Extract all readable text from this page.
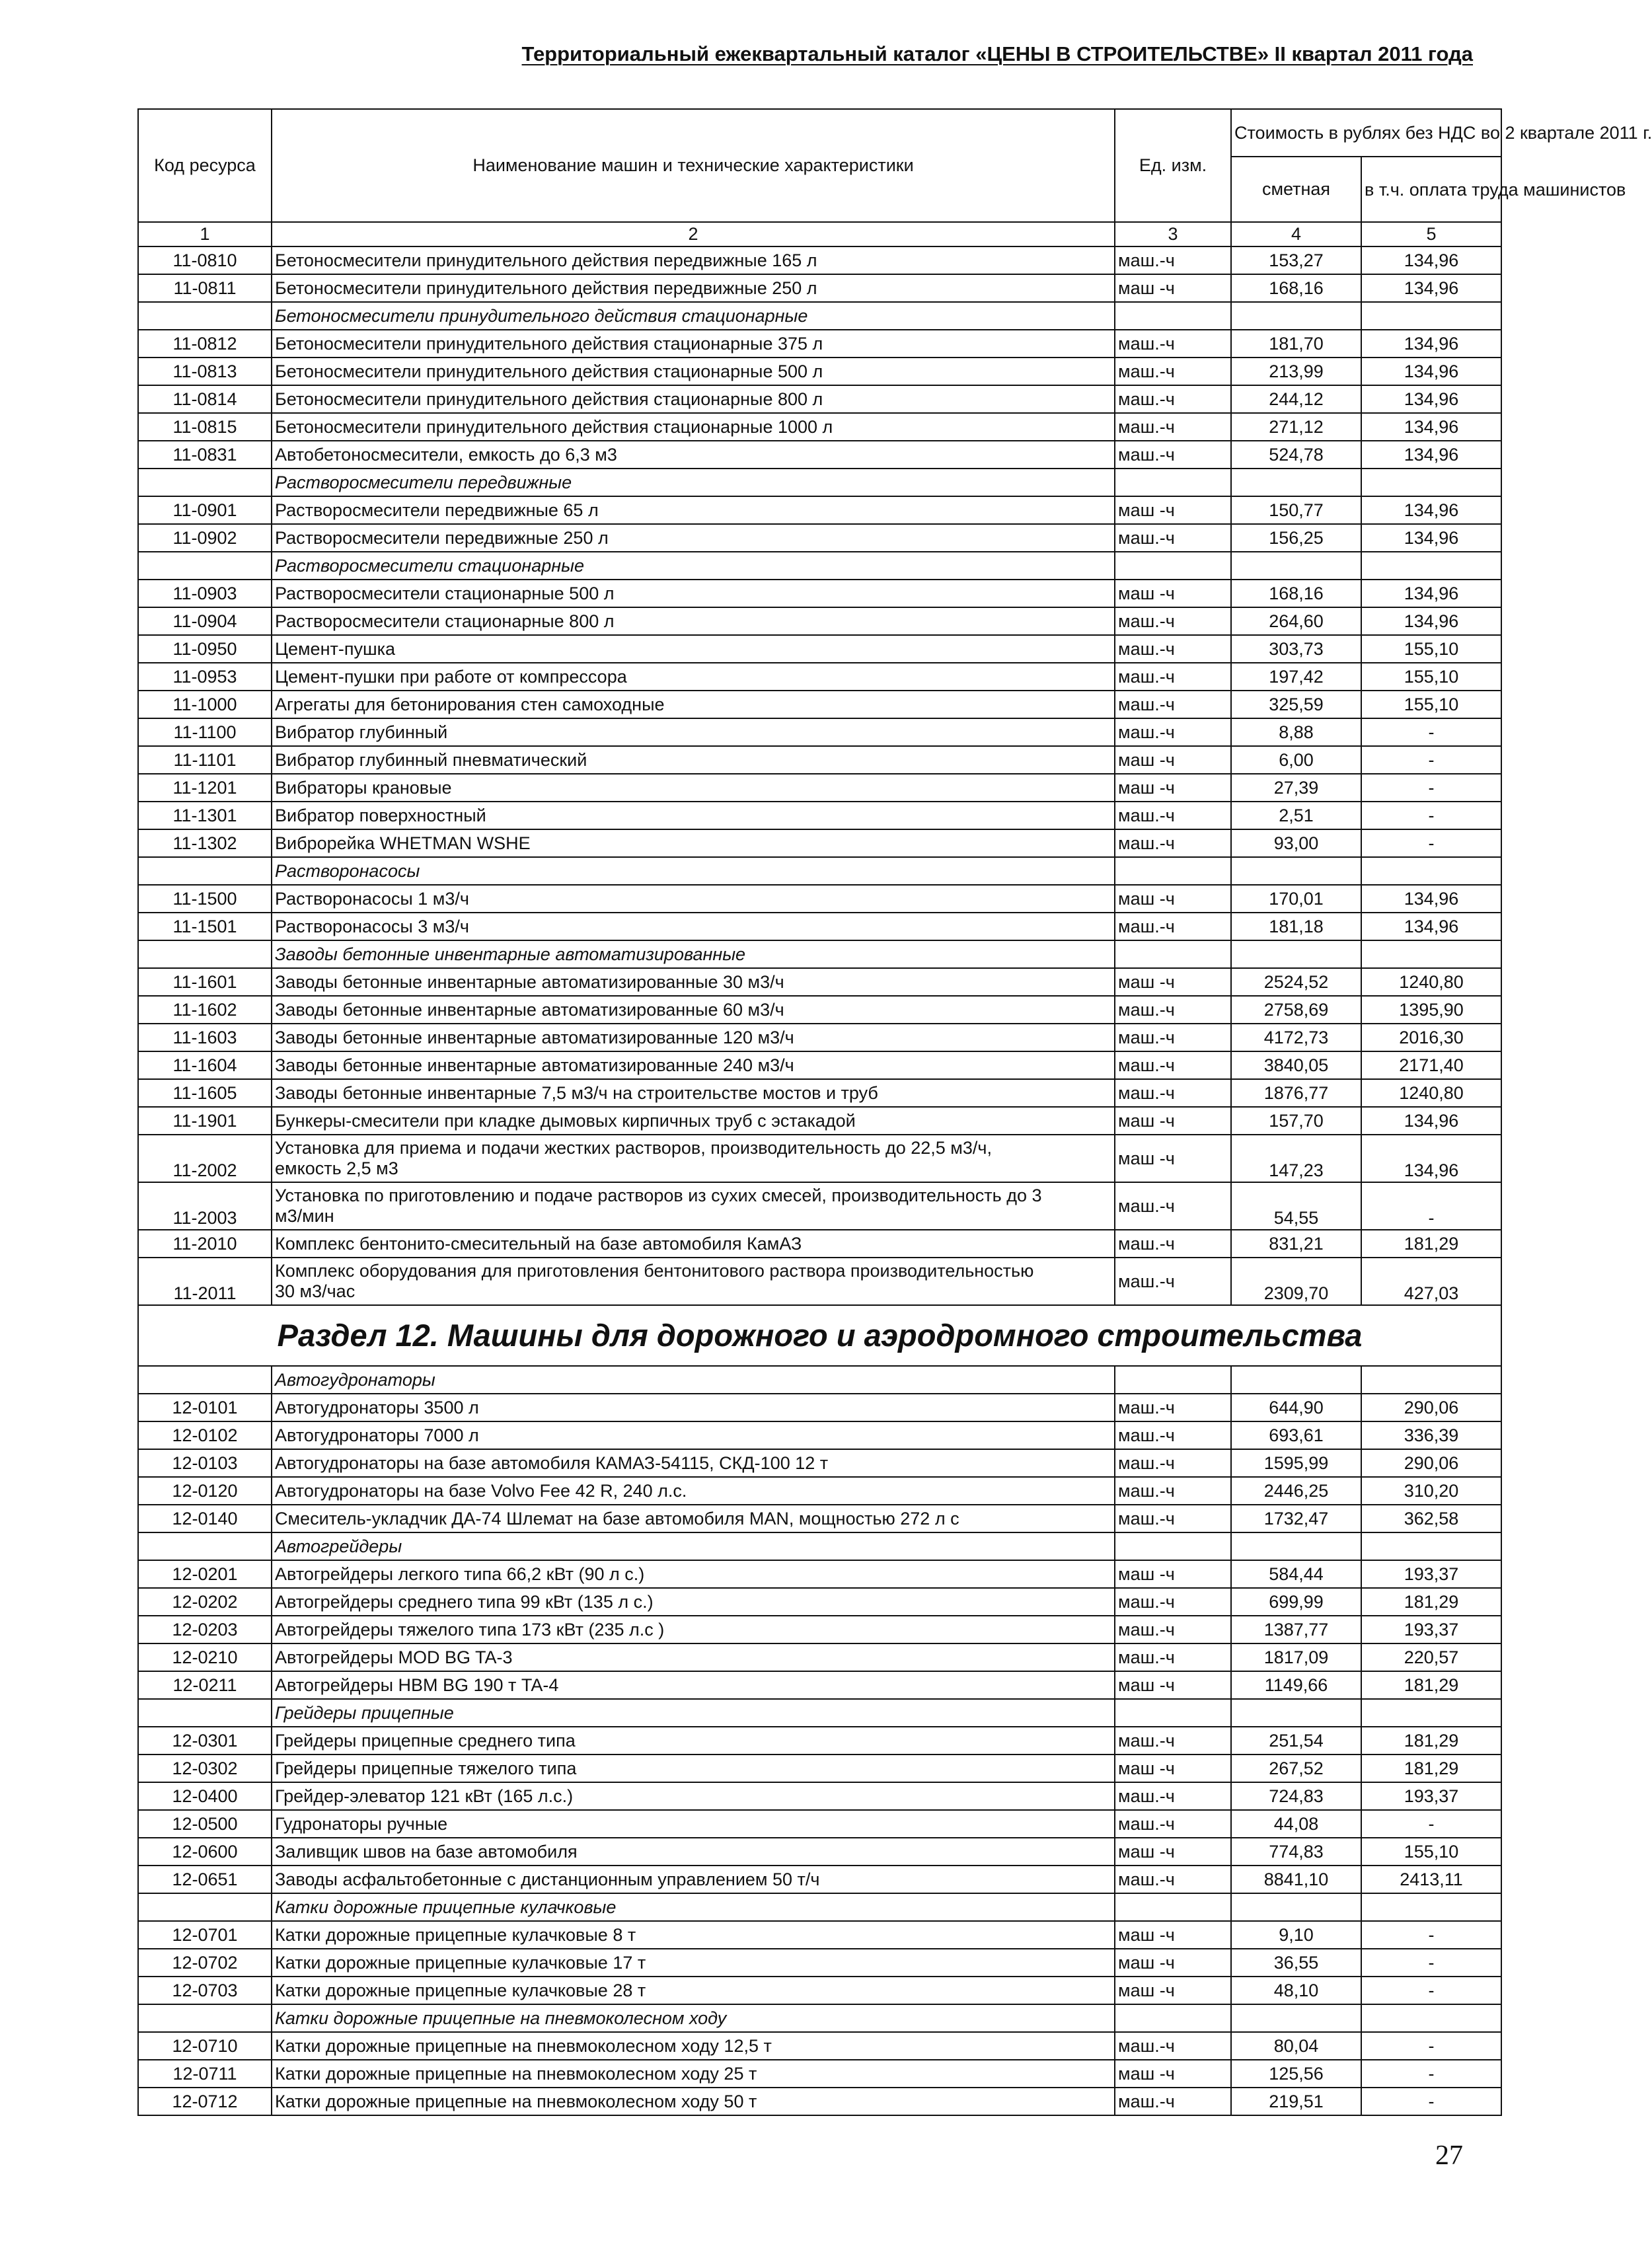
Территориальный ежеквартальный каталог «ЦЕНЫ В СТРОИТЕЛЬСТВЕ» II квартал 2011 года
Код ресурса	Наименование машин и технические характеристики	Ед. изм.	Стоимость в рублях без НДС во 2 квартале 2011 г.	
			сметная	в т.ч. оплата труда машинистов
1	2	3	4	5
11-0810	Бетоносмесители принудительного действия передвижные 165 л	маш.-ч	153,27	134,96
11-0811	Бетоносмесители принудительного действия передвижные 250 л	маш -ч	168,16	134,96
	Бетоносмесители принудительного действия стационарные			
11-0812	Бетоносмесители принудительного действия стационарные 375 л	маш.-ч	181,70	134,96
11-0813	Бетоносмесители принудительного действия стационарные 500 л	маш.-ч	213,99	134,96
11-0814	Бетоносмесители принудительного действия стационарные 800 л	маш.-ч	244,12	134,96
11-0815	Бетоносмесители принудительного действия стационарные 1000 л	маш.-ч	271,12	134,96
11-0831	Автобетоносмесители, емкость до 6,3 м3	маш.-ч	524,78	134,96
	Растворосмесители передвижные			
11-0901	Растворосмесители передвижные 65 л	маш -ч	150,77	134,96
11-0902	Растворосмесители передвижные 250 л	маш.-ч	156,25	134,96
	Растворосмесители стационарные			
11-0903	Растворосмесители стационарные 500 л	маш -ч	168,16	134,96
11-0904	Растворосмесители стационарные 800 л	маш.-ч	264,60	134,96
11-0950	Цемент-пушка	маш.-ч	303,73	155,10
11-0953	Цемент-пушки при работе от компрессора	маш.-ч	197,42	155,10
11-1000	Агрегаты для бетонирования стен самоходные	маш.-ч	325,59	155,10
11-1100	Вибратор глубинный	маш.-ч	8,88	-
11-1101	Вибратор глубинный пневматический	маш -ч	6,00	-
11-1201	Вибраторы крановые	маш -ч	27,39	-
11-1301	Вибратор поверхностный	маш.-ч	2,51	-
11-1302	Виброрейка WHETMAN WSHE	маш.-ч	93,00	-
	Растворонасосы			
11-1500	Растворонасосы 1 м3/ч	маш -ч	170,01	134,96
11-1501	Растворонасосы 3 м3/ч	маш.-ч	181,18	134,96
	Заводы бетонные инвентарные автоматизированные			
11-1601	Заводы бетонные инвентарные автоматизированные 30 м3/ч	маш -ч	2524,52	1240,80
11-1602	Заводы бетонные инвентарные автоматизированные 60 м3/ч	маш.-ч	2758,69	1395,90
11-1603	Заводы бетонные инвентарные автоматизированные 120 м3/ч	маш.-ч	4172,73	2016,30
11-1604	Заводы бетонные инвентарные автоматизированные 240 м3/ч	маш.-ч	3840,05	2171,40
11-1605	Заводы бетонные инвентарные 7,5 м3/ч на строительстве мостов и труб	маш.-ч	1876,77	1240,80
11-1901	Бункеры-смесители при кладке дымовых кирпичных труб с эстакадой	маш -ч	157,70	134,96
11-2002	Установка для приема и подачи жестких растворов, производительность до 22,5 м3/ч,
емкость 2,5 м3	маш -ч	147,23	134,96
11-2003	Установка по приготовлению и подаче растворов из сухих смесей, производительность до 3
м3/мин	маш.-ч	54,55	-
11-2010	Комплекс бентонито-смесительный на базе автомобиля КамАЗ	маш.-ч	831,21	181,29
11-2011	Комплекс оборудования для приготовления бентонитового раствора производительностью
30 м3/час	маш.-ч	2309,70	427,03
Раздел 12. Машины для дорожного и аэродромного строительства				
	Автогудронаторы			
12-0101	Автогудронаторы 3500 л	маш.-ч	644,90	290,06
12-0102	Автогудронаторы 7000 л	маш.-ч	693,61	336,39
12-0103	Автогудронаторы на базе автомобиля КАМАЗ-54115, СКД-100 12 т	маш.-ч	1595,99	290,06
12-0120	Автогудронаторы на базе Volvo Fee 42 R, 240 л.с.	маш.-ч	2446,25	310,20
12-0140	Смеситель-укладчик ДА-74 Шлемат на базе автомобиля MAN, мощностью 272 л с	маш.-ч	1732,47	362,58
	Автогрейдеры			
12-0201	Автогрейдеры легкого типа 66,2 кВт (90 л с.)	маш -ч	584,44	193,37
12-0202	Автогрейдеры среднего типа 99 кВт (135 л с.)	маш.-ч	699,99	181,29
12-0203	Автогрейдеры тяжелого типа 173 кВт (235 л.с )	маш.-ч	1387,77	193,37
12-0210	Автогрейдеры MOD BG TA-3	маш.-ч	1817,09	220,57
12-0211	Автогрейдеры HBM BG 190 т TA-4	маш -ч	1149,66	181,29
	Грейдеры прицепные			
12-0301	Грейдеры прицепные среднего типа	маш.-ч	251,54	181,29
12-0302	Грейдеры прицепные тяжелого типа	маш -ч	267,52	181,29
12-0400	Грейдер-элеватор 121 кВт (165 л.с.)	маш.-ч	724,83	193,37
12-0500	Гудронаторы ручные	маш.-ч	44,08	-
12-0600	Заливщик швов на базе автомобиля	маш -ч	774,83	155,10
12-0651	Заводы асфальтобетонные с дистанционным управлением 50 т/ч	маш.-ч	8841,10	2413,11
	Катки дорожные прицепные кулачковые			
12-0701	Катки дорожные прицепные кулачковые 8 т	маш -ч	9,10	-
12-0702	Катки дорожные прицепные кулачковые 17 т	маш -ч	36,55	-
12-0703	Катки дорожные прицепные кулачковые 28 т	маш -ч	48,10	-
	Катки дорожные прицепные на пневмоколесном ходу			
12-0710	Катки дорожные прицепные на пневмоколесном ходу 12,5 т	маш.-ч	80,04	-
12-0711	Катки дорожные прицепные на пневмоколесном ходу 25 т	маш -ч	125,56	-
12-0712	Катки дорожные прицепные на пневмоколесном ходу 50 т	маш.-ч	219,51	-
27
